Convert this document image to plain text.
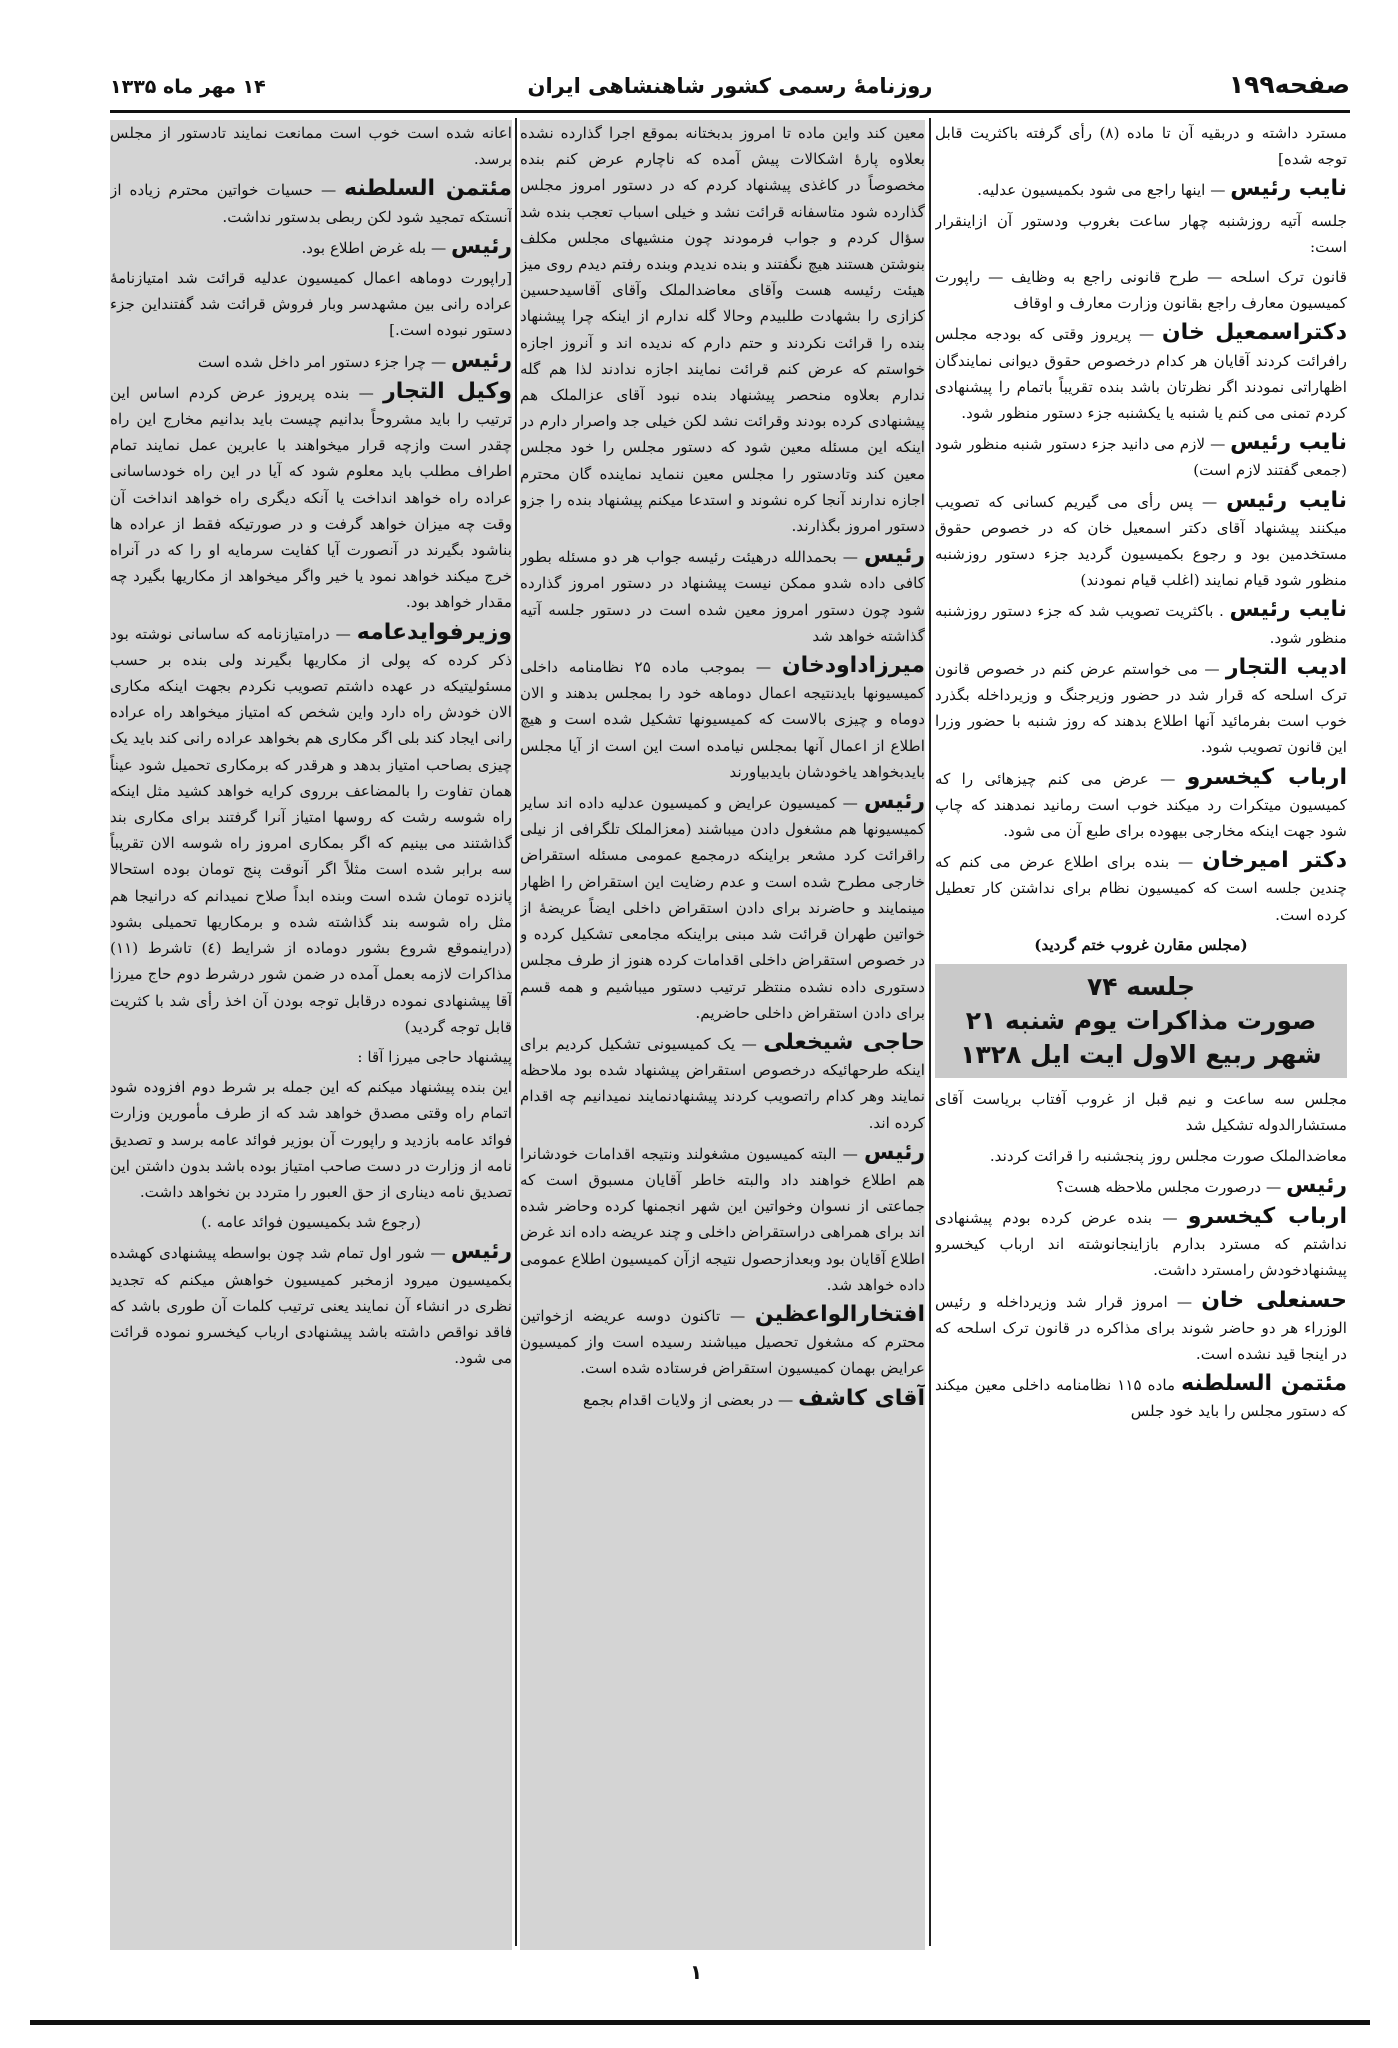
صفحه۱۹۹
روزنامهٔ رسمی کشور شاهنشاهی ایران
۱۴ مهر ماه ۱۳۳۵

مسترد داشته و دربقیه آن تا ماده (۸) رأی گرفته باکثریت قابل توجه شده]

نایب رئیس — اینها راجع می شود بکمیسیون عدلیه.

جلسه آتیه روزشنبه چهار ساعت بغروب ودستور آن ازاینقرار است:

قانون ترک اسلحه — طرح قانونی راجع به وظایف — راپورت کمیسیون معارف راجع بقانون وزارت معارف و اوقاف

دکتراسمعیل خان — پریروز وقتی که بودجه مجلس رافرائت کردند آقایان هر کدام درخصوص حقوق دیوانی نمایندگان اظهاراتی نمودند اگر نظرتان باشد بنده تقریباً باتمام را پیشنهادی کردم تمنی می کنم یا شنبه یا یکشنبه جزء دستور منظور شود.

نایب رئیس — لازم می دانید جزء دستور شنبه منظور شود (جمعی گفتند لازم است)

نایب رئیس — پس رأی می گیریم کسانی که تصویب میکنند پیشنهاد آقای دکتر اسمعیل خان که در خصوص حقوق مستخدمین بود و رجوع بکمیسیون گردید جزء دستور روزشنبه منظور شود قیام نمایند (اغلب قیام نمودند)

نایب رئیس . باکثریت تصویب شد که جزء دستور روزشنبه منظور شود.

ادیب التجار — می خواستم عرض کنم در خصوص قانون ترک اسلحه که قرار شد در حضور وزیرجنگ و وزیرداخله بگذرد خوب است بفرمائید آنها اطلاع بدهند که روز شنبه با حضور وزرا این قانون تصویب شود.

ارباب کیخسرو — عرض می کنم چیزهائی را که کمیسیون میتکرات رد میکند خوب است رمانید نمدهند که چاپ شود جهت اینکه مخارجی بیهوده برای طبع آن می شود.

دکتر امیرخان — بنده برای اطلاع عرض می کنم که چندین جلسه است که کمیسیون نظام برای نداشتن کار تعطیل کرده است.

(مجلس مقارن غروب ختم گردید)

جلسه ۷۴
صورت مذاکرات یوم شنبه ۲۱ شهر ربیع الاول ایت ایل ۱۳۲۸

مجلس سه ساعت و نیم قبل از غروب آفتاب بریاست آقای مستشارالدوله تشکیل شد

معاضدالملک صورت مجلس روز پنجشنبه را قرائت کردند.

رئیس — درصورت مجلس ملاحظه هست؟

ارباب کیخسرو — بنده عرض کرده بودم پیشنهادی نداشتم که مسترد بدارم بازاینجانوشته اند ارباب کیخسرو پیشنهادخودش رامسترد داشت.

حسنعلی خان — امروز قرار شد وزیرداخله و رئیس الوزراء هر دو حاضر شوند برای مذاکره در قانون ترک اسلحه که در اینجا قید نشده است.

مئتمن السلطنه ماده ۱۱۵ نظامنامه داخلی معین میکند که دستور مجلس را باید خود جلس

معین کند واین ماده تا امروز بدبختانه بموقع اجرا گذارده نشده بعلاوه پارهٔ اشکالات پیش آمده که ناچارم عرض کنم بنده مخصوصاً در کاغذی پیشنهاد کردم که در دستور امروز مجلس گذارده شود متاسفانه قرائت نشد و خیلی اسباب تعجب بنده شد سؤال کردم و جواب فرمودند چون منشیهای مجلس مکلف بنوشتن هستند هیچ نگفتند و بنده ندیدم وبنده رفتم دیدم روی میز هیئت رئیسه هست وآقای معاضدالملک وآقای آقاسیدحسین کزازی را بشهادت طلبیدم وحالا گله ندارم از اینکه چرا پیشنهاد بنده را قرائت نکردند و حتم دارم که ندیده اند و آنروز اجازه خواستم که عرض کنم قرائت نمایند اجازه ندادند لذا هم گله ندارم بعلاوه منحصر پیشنهاد بنده نبود آقای عزالملک هم پیشنهادی کرده بودند وقرائت نشد لکن خیلی جد واصرار دارم در اینکه این مسئله معین شود که دستور مجلس را خود مجلس معین کند وتادستور را مجلس معین ننماید نماینده گان محترم اجازه ندارند آنجا کره نشوند و استدعا میکنم پیشنهاد بنده را جزو دستور امروز بگذارند.

رئیس — بحمدالله درهیئت رئیسه جواب هر دو مسئله بطور کافی داده شدو ممکن نیست پیشنهاد در دستور امروز گذارده شود چون دستور امروز معین شده است در دستور جلسه آتیه گذاشته خواهد شد

میرزاداودخان — بموجب ماده ۲۵ نظامنامه داخلی کمیسیونها بایدنتیجه اعمال دوماهه خود را بمجلس بدهند و الان دوماه و چیزی بالاست که کمیسیونها تشکیل شده است و هیچ اطلاع از اعمال آنها بمجلس نیامده است این است از آیا مجلس بایدبخواهد یاخودشان بایدبیاورند

رئیس — کمیسیون عرایض و کمیسیون عدلیه داده اند سایر کمیسیونها هم مشغول دادن میباشند (معزالملک تلگرافی از نیلی راقرائت کرد مشعر براینکه درمجمع عمومی مسئله استقراض خارجی مطرح شده است و عدم رضایت این استقراض را اظهار مینمایند و حاضرند برای دادن استقراض داخلی ایضاً عریضهٔ از خواتین طهران قرائت شد مبنی براینکه مجامعی تشکیل کرده و در خصوص استقراض داخلی اقدامات کرده هنوز از طرف مجلس دستوری داده نشده منتظر ترتیب دستور میباشیم و همه قسم برای دادن استقراض داخلی حاضریم.

حاجی شیخعلی — یک کمیسیونی تشکیل کردیم برای اینکه طرحهائیکه درخصوص استقراض پیشنهاد شده بود ملاحظه نمایند وهر کدام راتصویب کردند پیشنهادنمایند نمیدانیم چه اقدام کرده اند.

رئیس — البته کمیسیون مشغولند ونتیجه اقدامات خودشانرا هم اطلاع خواهند داد والبته خاطر آقایان مسبوق است که جماعتی از نسوان وخواتین این شهر انجمنها کرده وحاضر شده اند برای همراهی دراستقراض داخلی و چند عریضه داده اند غرض اطلاع آقایان بود وبعدازحصول نتیجه ازآن کمیسیون اطلاع عمومی داده خواهد شد.

افتخارالواعظین — تاکنون دوسه عریضه ازخواتین محترم که مشغول تحصیل میباشند رسیده است واز کمیسیون عرایض بهمان کمیسیون استقراض فرستاده شده است.

آقای کاشف — در بعضی از ولایات اقدام بجمع

اعانه شده است خوب است ممانعت نمایند تادستور از مجلس برسد.

مئتمن السلطنه — حسیات خواتین محترم زیاده از آنستکه تمجید شود لکن ربطی بدستور نداشت.

رئیس — بله غرض اطلاع بود.

[راپورت دوماهه اعمال کمیسیون عدلیه قرائت شد امتیازنامهٔ عراده رانی بین مشهدسر وبار فروش قرائت شد گفتنداین جزء دستور نبوده است.]

رئیس — چرا جزء دستور امر داخل شده است

وکیل التجار — بنده پریروز عرض کردم اساس این ترتیب را باید مشروحاً بدانیم چیست باید بدانیم مخارج این راه چقدر است وازچه قرار میخواهند با عابرین عمل نمایند تمام اطراف مطلب باید معلوم شود که آیا در این راه خودساسانی عراده راه خواهد انداخت یا آنکه دیگری راه خواهد انداخت آن وقت چه میزان خواهد گرفت و در صورتیکه فقط از عراده ها بناشود بگیرند در آنصورت آیا کفایت سرمایه او را که در آنراه خرج میکند خواهد نمود یا خیر واگر میخواهد از مکاریها بگیرد چه مقدار خواهد بود.

وزیرفوایدعامه — درامتیازنامه که ساسانی نوشته بود ذکر کرده که پولی از مکاریها بگیرند ولی بنده بر حسب مسئولیتیکه در عهده داشتم تصویب نکردم بجهت اینکه مکاری الان خودش راه دارد واین شخص که امتیاز میخواهد راه عراده رانی ایجاد کند بلی اگر مکاری هم بخواهد عراده رانی کند باید یک چیزی بصاحب امتیاز بدهد و هرقدر که برمکاری تحمیل شود عیناً همان تفاوت را بالمضاعف برروی کرایه خواهد کشید مثل اینکه راه شوسه رشت که روسها امتیاز آنرا گرفتند برای مکاری بند گذاشتند می بینیم که اگر بمکاری امروز راه شوسه الان تقریباً سه برابر شده است مثلاً اگر آنوقت پنج تومان بوده استحالا پانزده تومان شده است وبنده ابداً صلاح نمیدانم که درانیجا هم مثل راه شوسه بند گذاشته شده و برمکاریها تحمیلی بشود (دراینموقع شروع بشور دوماده از شرایط (٤) تاشرط (۱۱) مذاکرات لازمه بعمل آمده در ضمن شور درشرط دوم حاج میرزا آقا پیشنهادی نموده درقابل توجه بودن آن اخذ رأی شد با کثریت قابل توجه گردید)

پیشنهاد حاجی میرزا آقا :

این بنده پیشنهاد میکنم که این جمله بر شرط دوم افزوده شود اتمام راه وقتی مصدق خواهد شد که از طرف مأمورین وزارت فوائد عامه بازدید و راپورت آن بوزیر فوائد عامه برسد و تصدیق نامه از وزارت در دست صاحب امتیاز بوده باشد بدون داشتن این تصدیق نامه دیناری از حق العبور را متردد بن نخواهد داشت.

(رجوع شد بکمیسیون فوائد عامه .)

رئیس — شور اول تمام شد چون بواسطه پیشنهادی کهشده بکمیسیون میرود ازمخبر کمیسیون خواهش میکنم که تجدید نظری در انشاء آن نمایند یعنی ترتیب کلمات آن طوری باشد که فاقد نواقص داشته باشد پیشنهادی ارباب کیخسرو نموده قرائت می شود.

۱
